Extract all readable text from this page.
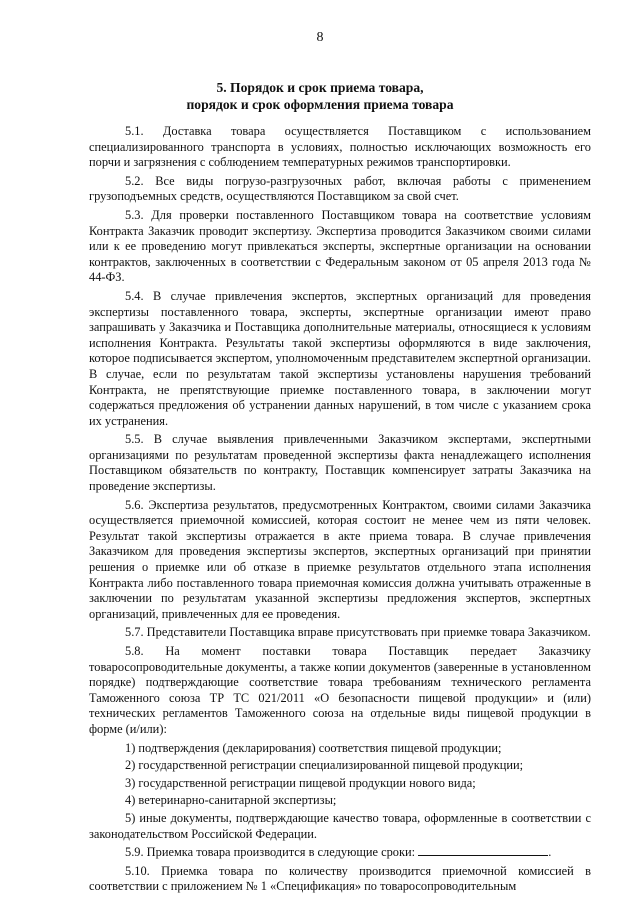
8
5. Порядок и срок приема товара,
порядок и срок оформления приема товара

5.1. Доставка товара осуществляется Поставщиком с использованием специализированного транспорта в условиях, полностью исключающих возможность его порчи и загрязнения с соблюдением температурных режимов транспортировки.

5.2. Все виды погрузо-разгрузочных работ, включая работы с применением грузоподъемных средств, осуществляются Поставщиком за свой счет.

5.3. Для проверки поставленного Поставщиком товара на соответствие условиям Контракта Заказчик проводит экспертизу. Экспертиза проводится Заказчиком своими силами или к ее проведению могут привлекаться эксперты, экспертные организации на основании контрактов, заключенных в соответствии с Федеральным законом от 05 апреля 2013 года № 44-ФЗ.

5.4. В случае привлечения экспертов, экспертных организаций для проведения экспертизы поставленного товара, эксперты, экспертные организации имеют право запрашивать у Заказчика и Поставщика дополнительные материалы, относящиеся к условиям исполнения Контракта. Результаты такой экспертизы оформляются в виде заключения, которое подписывается экспертом, уполномоченным представителем экспертной организации. В случае, если по результатам такой экспертизы установлены нарушения требований Контракта, не препятствующие приемке поставленного товара, в заключении могут содержаться предложения об устранении данных нарушений, в том числе с указанием срока их устранения.

5.5. В случае выявления привлеченными Заказчиком экспертами, экспертными организациями по результатам проведенной экспертизы факта ненадлежащего исполнения Поставщиком обязательств по контракту, Поставщик компенсирует затраты Заказчика на проведение экспертизы.

5.6. Экспертиза результатов, предусмотренных Контрактом, своими силами Заказчика осуществляется приемочной комиссией, которая состоит не менее чем из пяти человек. Результат такой экспертизы отражается в акте приема товара. В случае привлечения Заказчиком для проведения экспертизы экспертов, экспертных организаций при принятии решения о приемке или об отказе в приемке результатов отдельного этапа исполнения Контракта либо поставленного товара приемочная комиссия должна учитывать отраженные в заключении по результатам указанной экспертизы предложения экспертов, экспертных организаций, привлеченных для ее проведения.

5.7. Представители Поставщика вправе присутствовать при приемке товара Заказчиком.

5.8. На момент поставки товара Поставщик передает Заказчику товаросопроводительные документы, а также копии документов (заверенные в установленном порядке) подтверждающие соответствие товара требованиям технического регламента Таможенного союза ТР ТС 021/2011 «О безопасности пищевой продукции» и (или) технических регламентов Таможенного союза на отдельные виды пищевой продукции в форме (и/или):

1) подтверждения (декларирования) соответствия пищевой продукции;

2) государственной регистрации специализированной пищевой продукции;

3) государственной регистрации пищевой продукции нового вида;

4) ветеринарно-санитарной экспертизы;

5) иные документы, подтверждающие качество товара, оформленные в соответствии с законодательством Российской Федерации.

5.9. Приемка товара производится в следующие сроки:	.

5.10. Приемка товара по количеству производится приемочной комиссией в соответствии с приложением № 1 «Спецификация» по товаросопроводительным
